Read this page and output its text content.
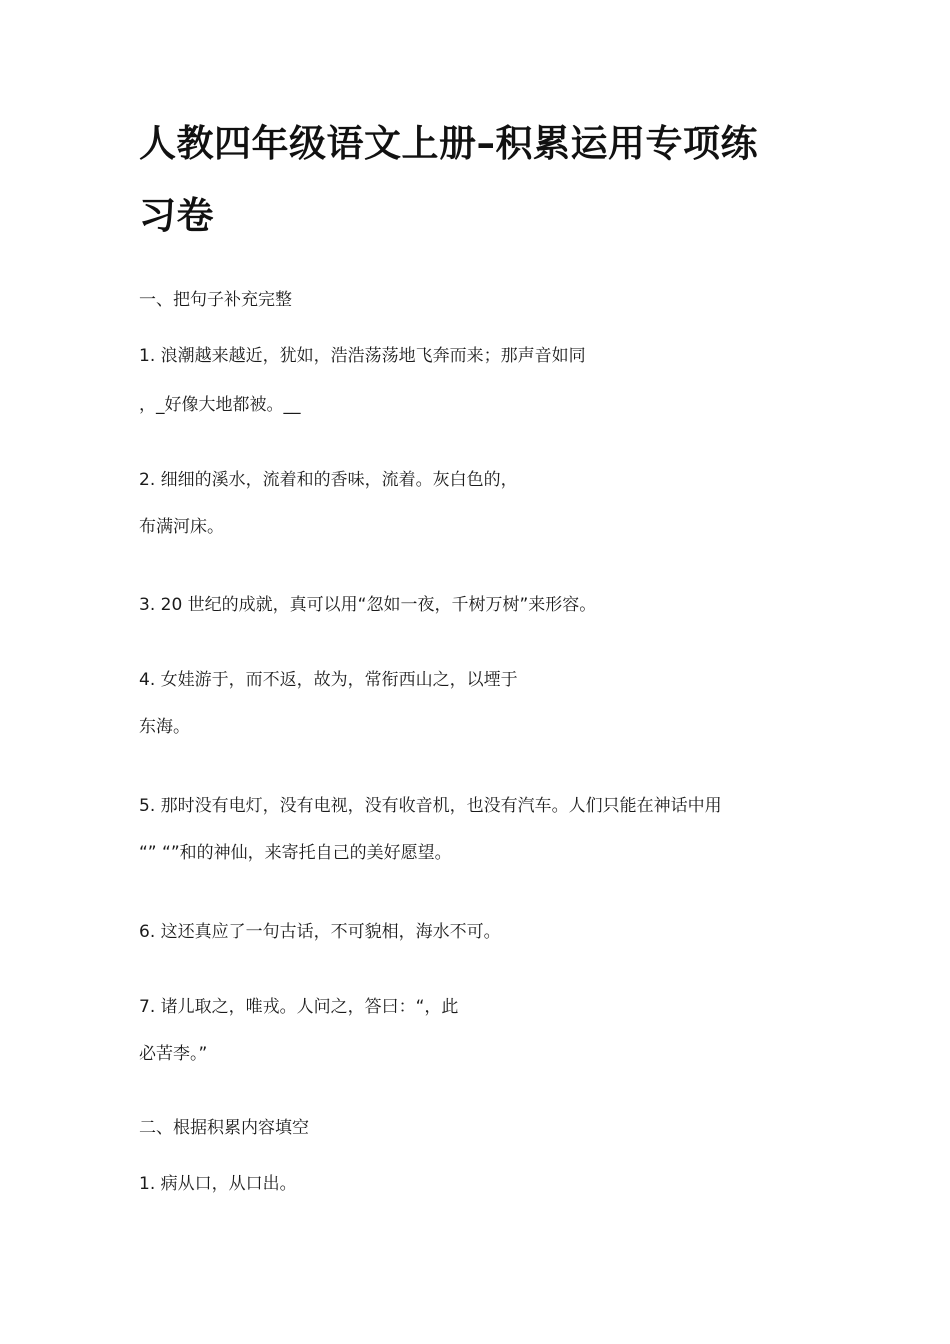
人教四年级语文上册–积累运用专项练
习卷
一、把句子补充完整
1. 浪潮越来越近，犹如，浩浩荡荡地飞奔而来；那声音如同
，_好像大地都被。__
2. 细细的溪水，流着和的香味，流着。灰白色的，
布满河床。
3. 20 世纪的成就，真可以用“忽如一夜，千树万树”来形容。
4. 女娃游于，而不返，故为，常衔西山之，以堙于
东海。
5. 那时没有电灯，没有电视，没有收音机，也没有汽车。人们只能在神话中用
“” “”和的神仙，来寄托自己的美好愿望。
6. 这还真应了一句古话，不可貌相，海水不可。
7. 诸儿取之，唯戎。人问之，答曰：“，此
必苦李。”
二、根据积累内容填空
1. 病从口，从口出。
